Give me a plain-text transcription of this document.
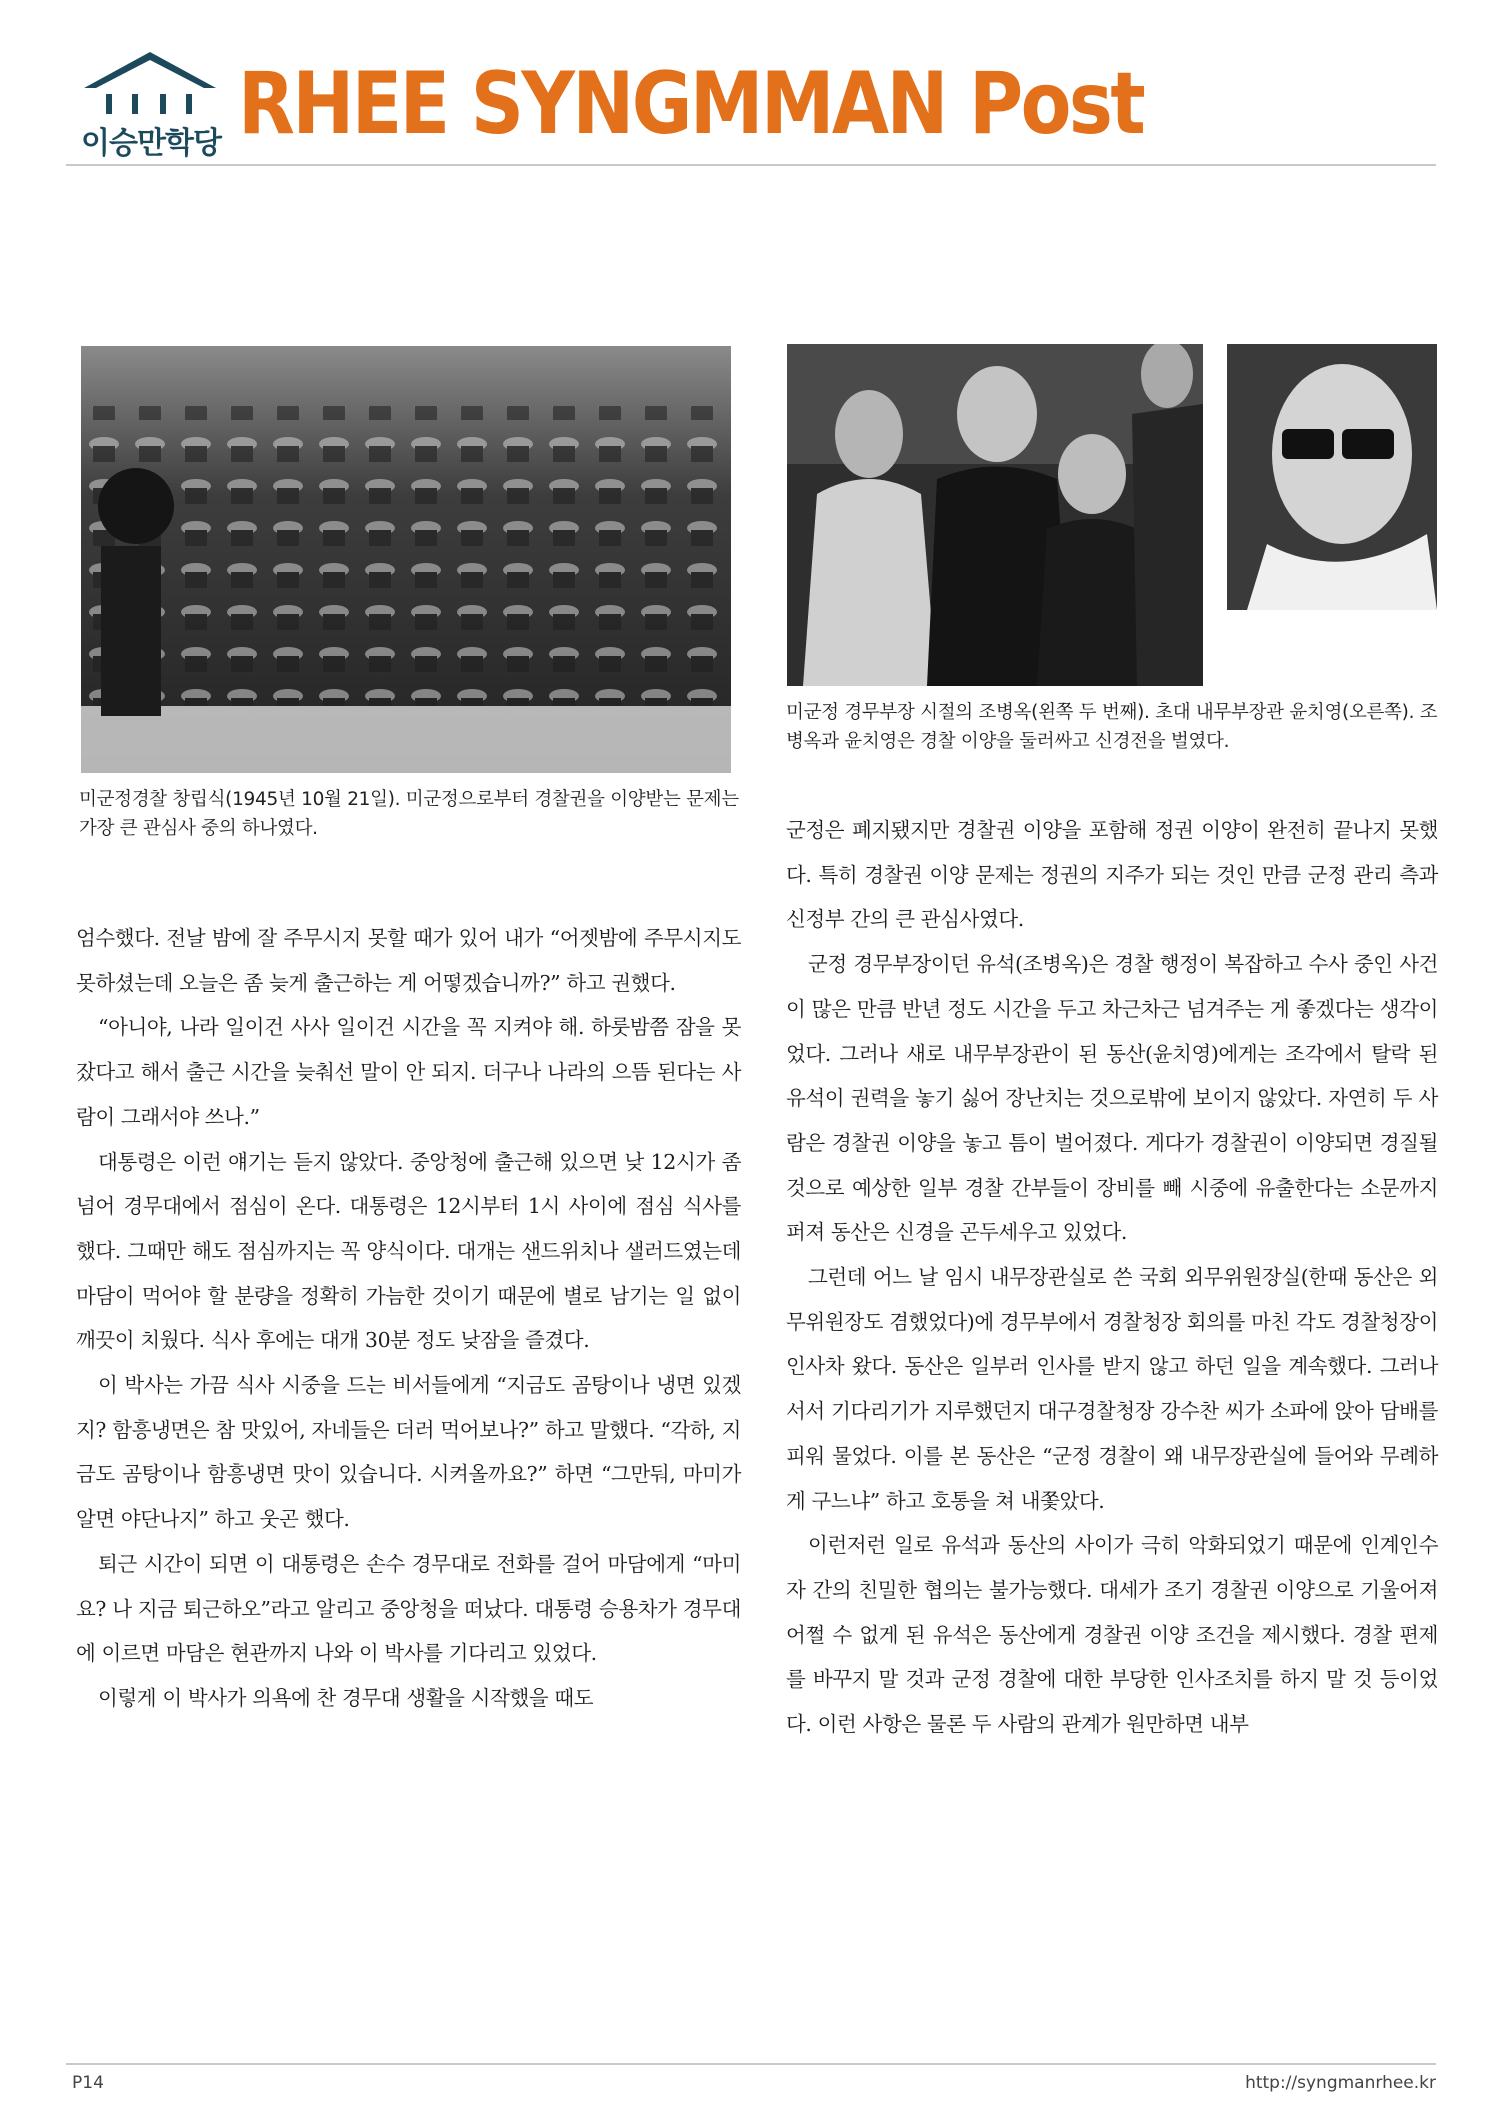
이승만학당 RHEE SYNGMMAN Post
미군정경찰 창립식(1945년 10월 21일). 미군정으로부터 경찰권을 이양받는 문제는 가장 큰 관심사 중의 하나였다.
미군정 경무부장 시절의 조병옥(왼쪽 두 번째). 초대 내무부장관 윤치영(오른쪽). 조병옥과 윤치영은 경찰 이양을 둘러싸고 신경전을 벌였다.

엄수했다. 전날 밤에 잘 주무시지 못할 때가 있어 내가 “어젯밤에 주무시지도 못하셨는데 오늘은 좀 늦게 출근하는 게 어떻겠습니까?” 하고 권했다.

“아니야, 나라 일이건 사사 일이건 시간을 꼭 지켜야 해. 하룻밤쯤 잠을 못 잤다고 해서 출근 시간을 늦춰선 말이 안 되지. 더구나 나라의 으뜸 된다는 사람이 그래서야 쓰나.”

대통령은 이런 얘기는 듣지 않았다. 중앙청에 출근해 있으면 낮 12시가 좀 넘어 경무대에서 점심이 온다. 대통령은 12시부터 1시 사이에 점심 식사를 했다. 그때만 해도 점심까지는 꼭 양식이다. 대개는 샌드위치나 샐러드였는데 마담이 먹어야 할 분량을 정확히 가늠한 것이기 때문에 별로 남기는 일 없이 깨끗이 치웠다. 식사 후에는 대개 30분 정도 낮잠을 즐겼다.

이 박사는 가끔 식사 시중을 드는 비서들에게 “지금도 곰탕이나 냉면 있겠지? 함흥냉면은 참 맛있어, 자네들은 더러 먹어보나?” 하고 말했다. “각하, 지금도 곰탕이나 함흥냉면 맛이 있습니다. 시켜올까요?” 하면 “그만둬, 마미가 알면 야단나지” 하고 웃곤 했다.

퇴근 시간이 되면 이 대통령은 손수 경무대로 전화를 걸어 마담에게 “마미요? 나 지금 퇴근하오”라고 알리고 중앙청을 떠났다. 대통령 승용차가 경무대에 이르면 마담은 현관까지 나와 이 박사를 기다리고 있었다.

이렇게 이 박사가 의욕에 찬 경무대 생활을 시작했을 때도

군정은 폐지됐지만 경찰권 이양을 포함해 정권 이양이 완전히 끝나지 못했다. 특히 경찰권 이양 문제는 정권의 지주가 되는 것인 만큼 군정 관리 측과 신정부 간의 큰 관심사였다.

군정 경무부장이던 유석(조병옥)은 경찰 행정이 복잡하고 수사 중인 사건이 많은 만큼 반년 정도 시간을 두고 차근차근 넘겨주는 게 좋겠다는 생각이었다. 그러나 새로 내무부장관이 된 동산(윤치영)에게는 조각에서 탈락 된 유석이 권력을 놓기 싫어 장난치는 것으로밖에 보이지 않았다. 자연히 두 사람은 경찰권 이양을 놓고 틈이 벌어졌다. 게다가 경찰권이 이양되면 경질될 것으로 예상한 일부 경찰 간부들이 장비를 빼 시중에 유출한다는 소문까지 퍼져 동산은 신경을 곤두세우고 있었다.

그런데 어느 날 임시 내무장관실로 쓴 국회 외무위원장실(한때 동산은 외무위원장도 겸했었다)에 경무부에서 경찰청장 회의를 마친 각도 경찰청장이 인사차 왔다. 동산은 일부러 인사를 받지 않고 하던 일을 계속했다. 그러나 서서 기다리기가 지루했던지 대구경찰청장 강수찬 씨가 소파에 앉아 담배를 피워 물었다. 이를 본 동산은 “군정 경찰이 왜 내무장관실에 들어와 무례하게 구느냐” 하고 호통을 쳐 내쫓았다.

이런저런 일로 유석과 동산의 사이가 극히 악화되었기 때문에 인계인수자 간의 친밀한 협의는 불가능했다. 대세가 조기 경찰권 이양으로 기울어져 어쩔 수 없게 된 유석은 동산에게 경찰권 이양 조건을 제시했다. 경찰 편제를 바꾸지 말 것과 군정 경찰에 대한 부당한 인사조치를 하지 말 것 등이었다. 이런 사항은 물론 두 사람의 관계가 원만하면 내부

P14	http://syngmanrhee.kr
